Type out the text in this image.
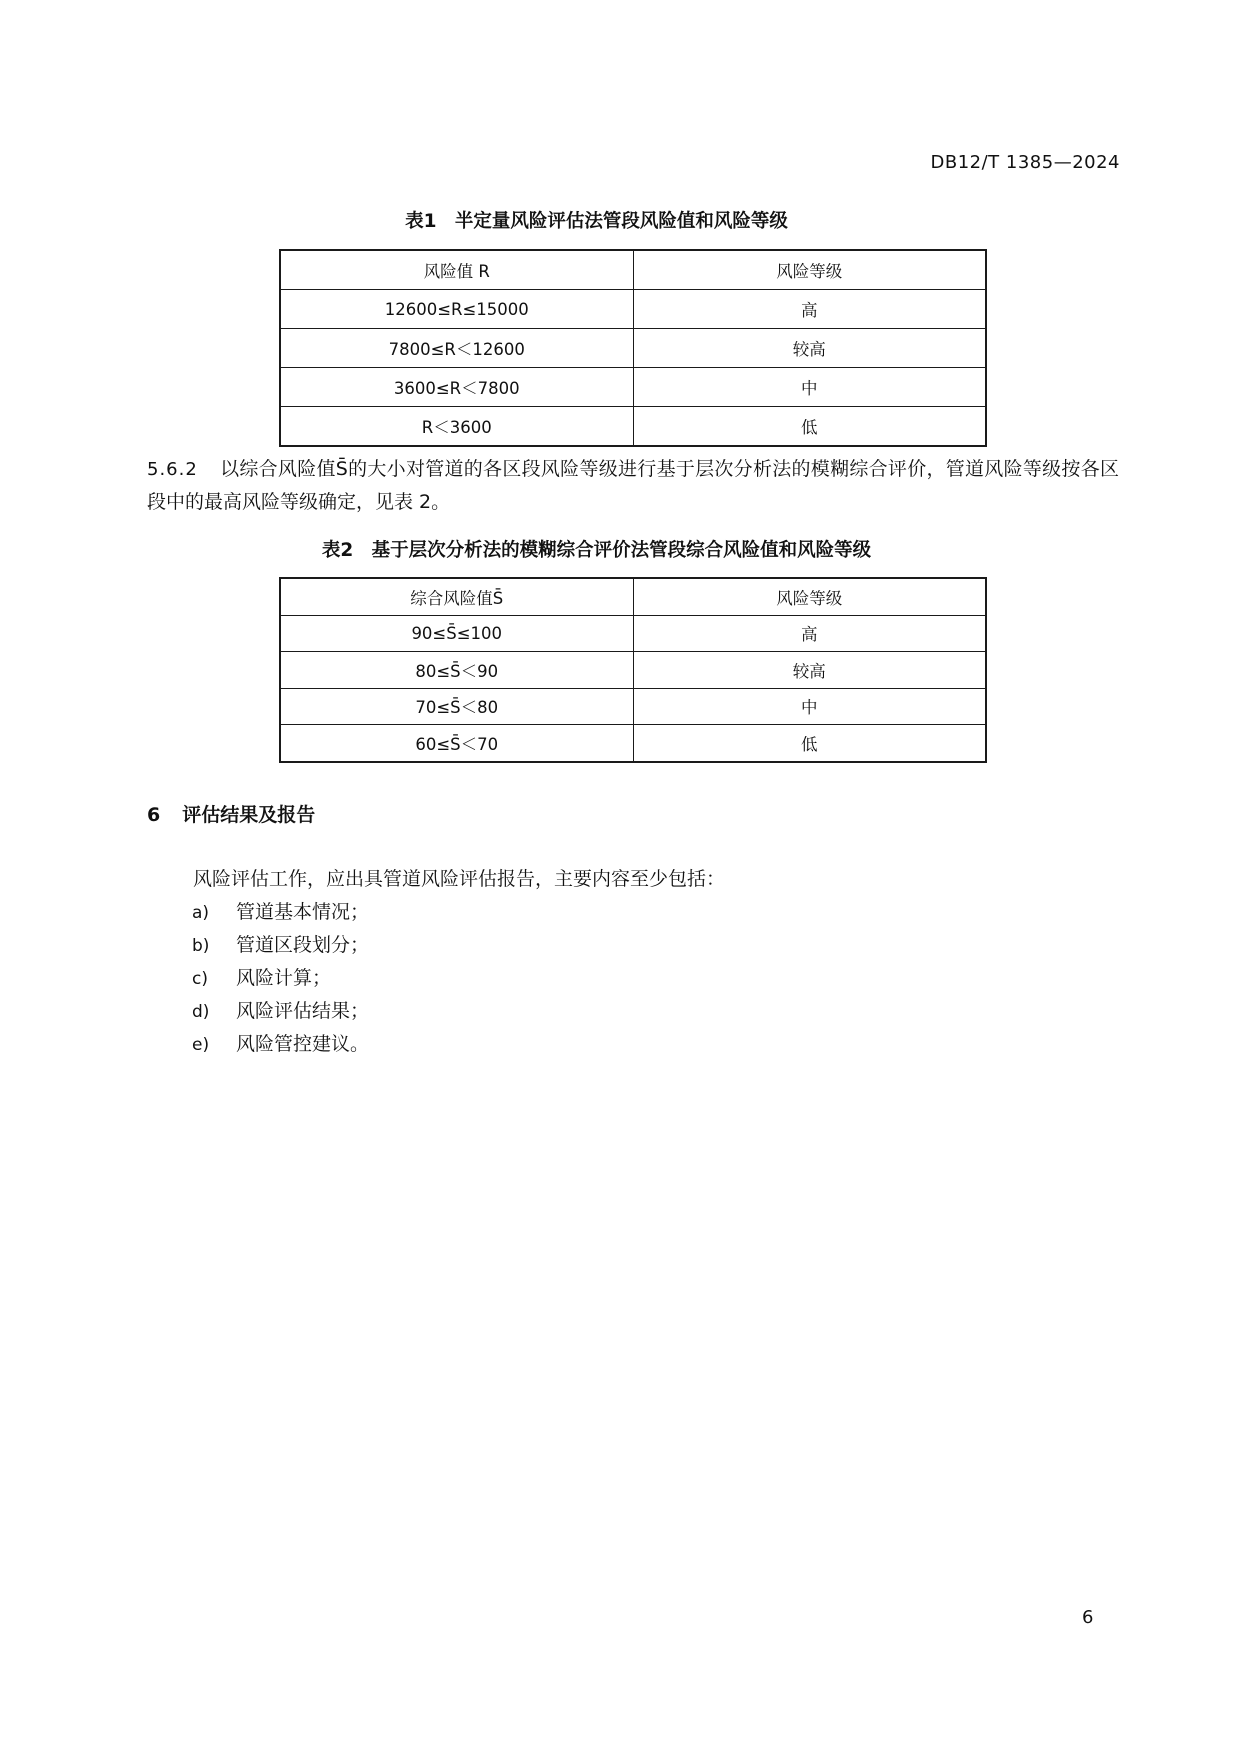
DB12/T 1385—2024
表1　半定量风险评估法管段风险值和风险等级
风险值 R	风险等级
12600≤R≤15000	高
7800≤R＜12600	较高
3600≤R＜7800	中
R＜3600	低
5.6.2 以综合风险值S̄的大小对管道的各区段风险等级进行基于层次分析法的模糊综合评价，管道风险等级按各区段中的最高风险等级确定，见表 2。
表2　基于层次分析法的模糊综合评价法管段综合风险值和风险等级
综合风险值S̄	风险等级
90≤S̄≤100	高
80≤S̄＜90	较高
70≤S̄＜80	中
60≤S̄＜70	低
6 评估结果及报告
风险评估工作，应出具管道风险评估报告，主要内容至少包括：
a) 管道基本情况；
b) 管道区段划分；
c) 风险计算；
d) 风险评估结果；
e) 风险管控建议。
6
